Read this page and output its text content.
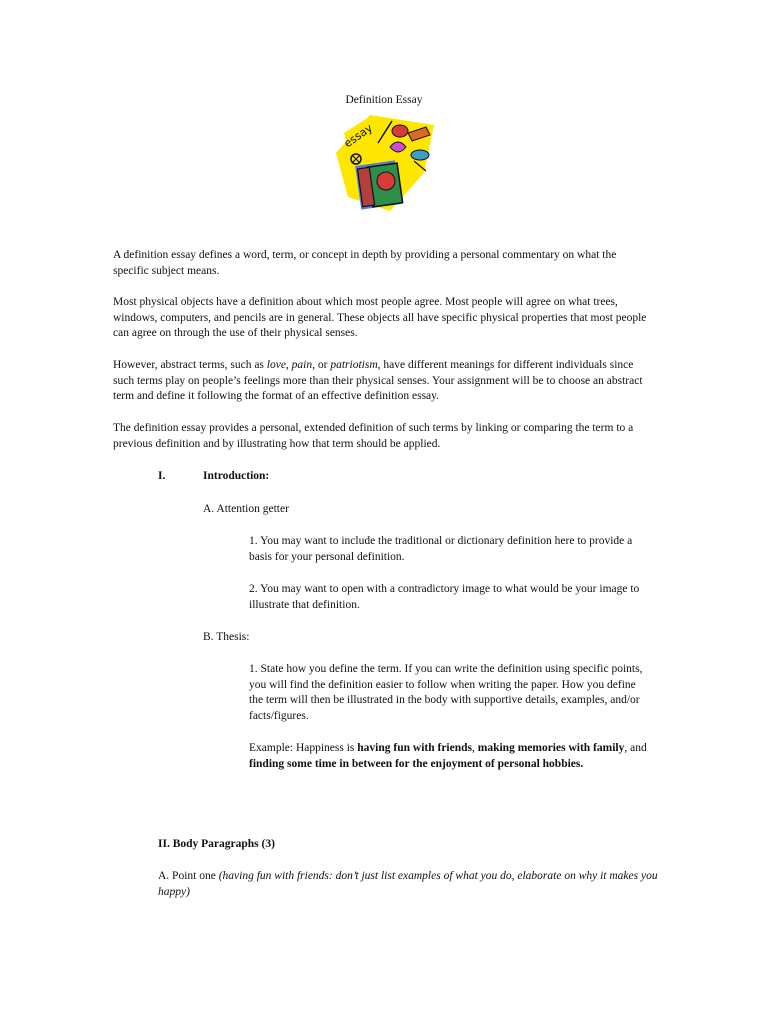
Definition Essay
essay

A definition essay defines a word, term, or concept in depth by providing a personal commentary on what the specific subject means.

Most physical objects have a definition about which most people agree. Most people will agree on what trees, windows, computers, and pencils are in general. These objects all have specific physical properties that most people can agree on through the use of their physical senses.

However, abstract terms, such as love, pain, or patriotism, have different meanings for different individuals since such terms play on people’s feelings more than their physical senses. Your assignment will be to choose an abstract term and define it following the format of an effective definition essay.

The definition essay provides a personal, extended definition of such terms by linking or comparing the term to a previous definition and by illustrating how that term should be applied.

I.	Introduction:
A. Attention getter

1. You may want to include the traditional or dictionary definition here to provide a basis for your personal definition.

2. You may want to open with a contradictory image to what would be your image to illustrate that definition.

B. Thesis:

1. State how you define the term. If you can write the definition using specific points, you will find the definition easier to follow when writing the paper. How you define the term will then be illustrated in the body with supportive details, examples, and/or facts/figures.

Example: Happiness is having fun with friends, making memories with family, and finding some time in between for the enjoyment of personal hobbies.

II. Body Paragraphs (3)

A. Point one (having fun with friends: don’t just list examples of what you do, elaborate on why it makes you happy)
